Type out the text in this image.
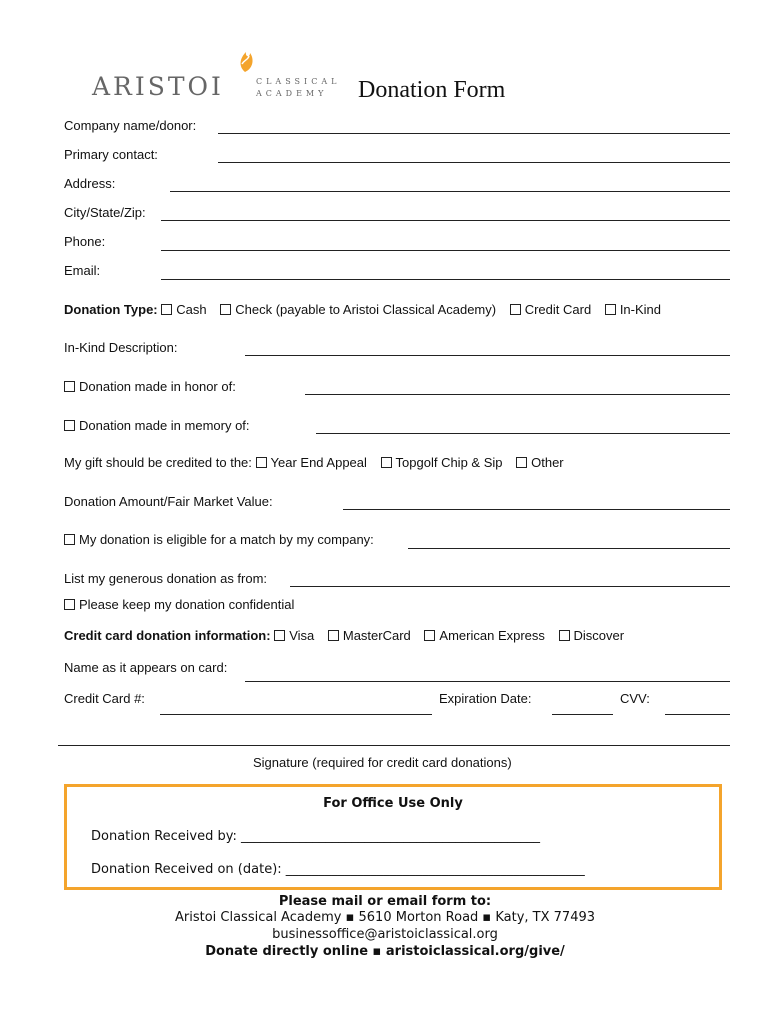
ARISTOI	CLASSICAL
ACADEMY Donation Form
Company name/donor:
Primary contact:
Address:
City/State/Zip:
Phone:
Email:
Donation Type: Cash Check (payable to Aristoi Classical Academy) Credit Card In-Kind
In-Kind Description:
Donation made in honor of:
Donation made in memory of:
My gift should be credited to the: Year End Appeal Topgolf Chip & Sip Other
Donation Amount/Fair Market Value:
My donation is eligible for a match by my company:
List my generous donation as from:
Please keep my donation confidential
Credit card donation information: Visa MasterCard American Express Discover
Name as it appears on card:
Credit Card #:	Expiration Date:	CVV:
Signature (required for credit card donations)
For Office Use Only
Donation Received by: ______________________________________________
Donation Received on (date): ______________________________________________
Please mail or email form to:
Aristoi Classical Academy ▪ 5610 Morton Road ▪ Katy, TX 77493
businessoffice@aristoiclassical.org
Donate directly online ▪ aristoiclassical.org/give/
